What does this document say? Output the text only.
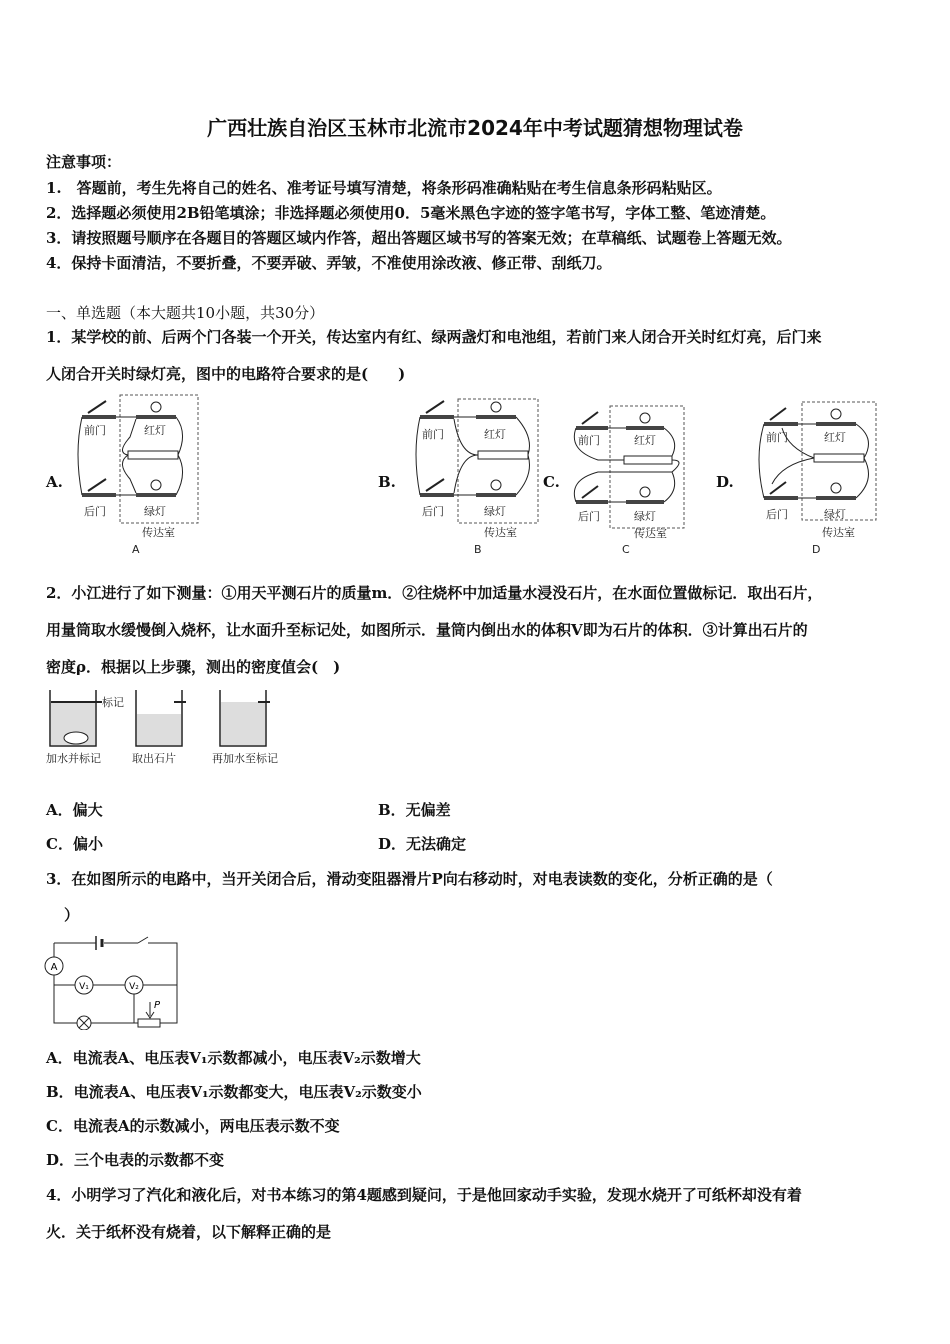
广西壮族自治区玉林市北流市2024年中考试题猜想物理试卷
注意事项：
1.　答题前，考生先将自己的姓名、准考证号填写清楚，将条形码准确粘贴在考生信息条形码粘贴区。
2．选择题必须使用2B铅笔填涂；非选择题必须使用0．5毫米黑色字迹的签字笔书写，字体工整、笔迹清楚。
3．请按照题号顺序在各题目的答题区域内作答，超出答题区域书写的答案无效；在草稿纸、试题卷上答题无效。
4．保持卡面清洁，不要折叠，不要弄破、弄皱，不准使用涂改液、修正带、刮纸刀。
一、单选题（本大题共10小题，共30分）
1．某学校的前、后两个门各装一个开关，传达室内有红、绿两盏灯和电池组，若前门来人闭合开关时红灯亮，后门来
人闭合开关时绿灯亮，图中的电路符合要求的是(　　)
A.	B.	C.	D.
前门	红灯
后门	绿灯
传达室
A
前门	红灯
后门	绿灯
传达室
B
前门	红灯
后门	绿灯
传达室
C
前门	红灯
后门	绿灯
传达室
D
2．小江进行了如下测量：①用天平测石片的质量m．②往烧杯中加适量水浸没石片，在水面位置做标记．取出石片，
用量筒取水缓慢倒入烧杯，让水面升至标记处，如图所示．量筒内倒出水的体积V即为石片的体积．③计算出石片的
密度ρ．根据以上步骤，测出的密度值会(　)
标记
加水并标记	取出石片	再加水至标记
A．偏大	B．无偏差
C．偏小	D．无法确定
3．在如图所示的电路中，当开关闭合后，滑动变阻器滑片P向右移动时，对电表读数的变化，分析正确的是（
）
A
V₁	V₂
P
A．电流表A、电压表V₁示数都减小，电压表V₂示数增大
B．电流表A、电压表V₁示数都变大，电压表V₂示数变小
C．电流表A的示数减小，两电压表示数不变
D．三个电表的示数都不变
4．小明学习了汽化和液化后，对书本练习的第4题感到疑问，于是他回家动手实验，发现水烧开了可纸杯却没有着
火．关于纸杯没有烧着，以下解释正确的是
